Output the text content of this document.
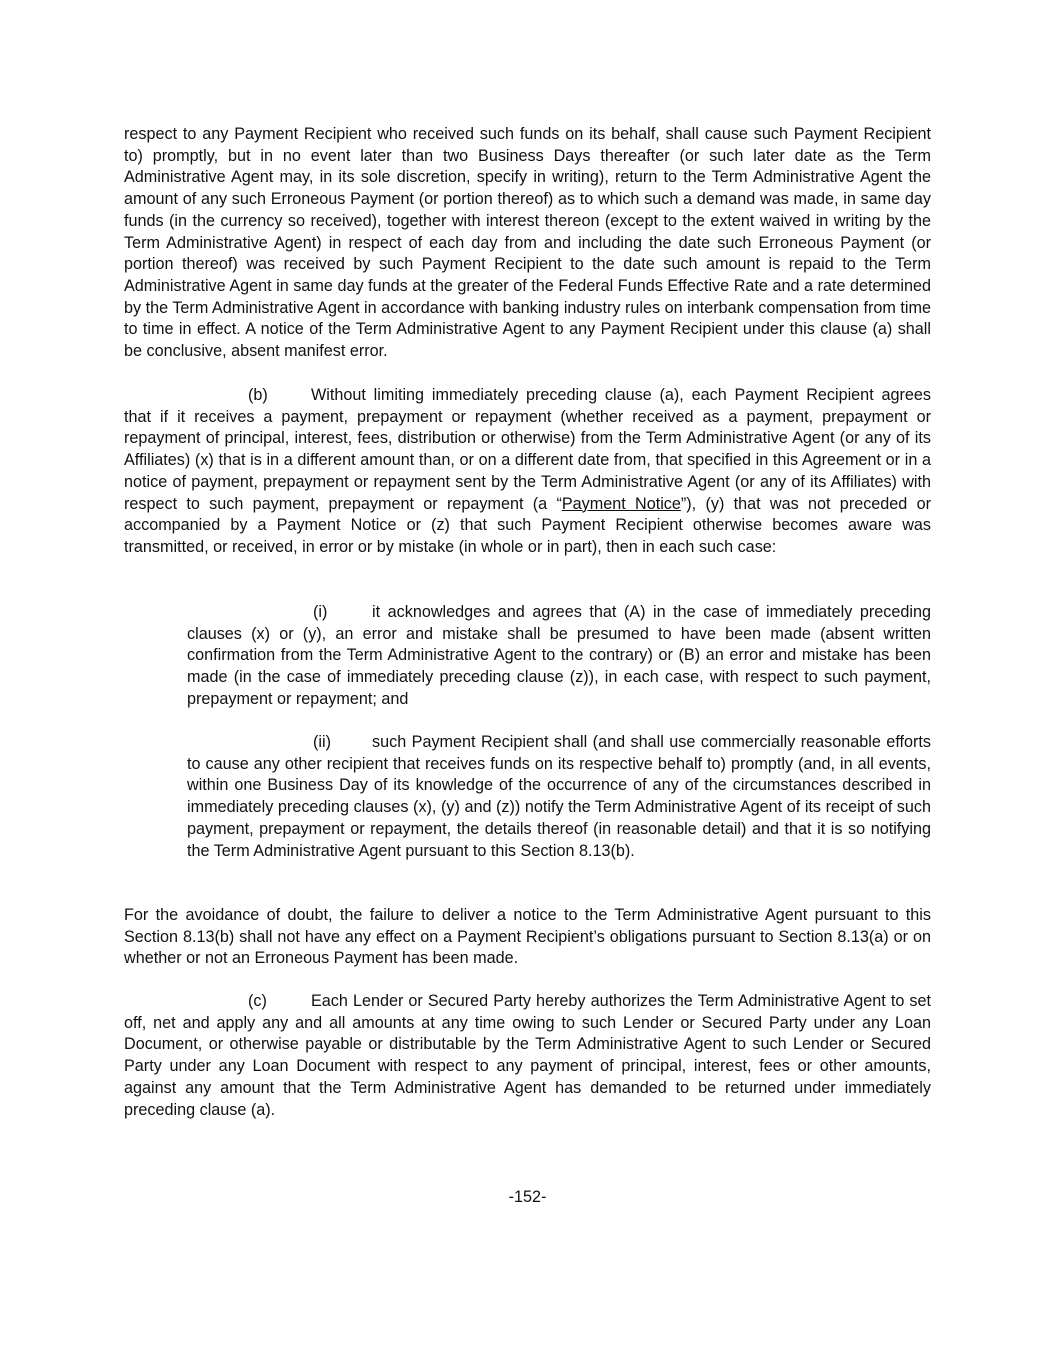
respect to any Payment Recipient who received such funds on its behalf, shall cause such Payment Recipient to) promptly, but in no event later than two Business Days thereafter (or such later date as the Term Administrative Agent may, in its sole discretion, specify in writing), return to the Term Administrative Agent the amount of any such Erroneous Payment (or portion thereof) as to which such a demand was made, in same day funds (in the currency so received), together with interest thereon (except to the extent waived in writing by the Term Administrative Agent) in respect of each day from and including the date such Erroneous Payment (or portion thereof) was received by such Payment Recipient to the date such amount is repaid to the Term Administrative Agent in same day funds at the greater of the Federal Funds Effective Rate and a rate determined by the Term Administrative Agent in accordance with banking industry rules on interbank compensation from time to time in effect. A notice of the Term Administrative Agent to any Payment Recipient under this clause (a) shall be conclusive, absent manifest error.

(b)	Without limiting immediately preceding clause (a), each Payment Recipient agrees that if it receives a payment, prepayment or repayment (whether received as a payment, prepayment or repayment of principal, interest, fees, distribution or otherwise) from the Term Administrative Agent (or any of its Affiliates) (x) that is in a different amount than, or on a different date from, that specified in this Agreement or in a notice of payment, prepayment or repayment sent by the Term Administrative Agent (or any of its Affiliates) with respect to such payment, prepayment or repayment (a “Payment Notice”), (y) that was not preceded or accompanied by a Payment Notice or (z) that such Payment Recipient otherwise becomes aware was transmitted, or received, in error or by mistake (in whole or in part), then in each such case:

(i)	it acknowledges and agrees that (A) in the case of immediately preceding clauses (x) or (y), an error and mistake shall be presumed to have been made (absent written confirmation from the Term Administrative Agent to the contrary) or (B) an error and mistake has been made (in the case of immediately preceding clause (z)), in each case, with respect to such payment, prepayment or repayment; and

(ii)	such Payment Recipient shall (and shall use commercially reasonable efforts to cause any other recipient that receives funds on its respective behalf to) promptly (and, in all events, within one Business Day of its knowledge of the occurrence of any of the circumstances described in immediately preceding clauses (x), (y) and (z)) notify the Term Administrative Agent of its receipt of such payment, prepayment or repayment, the details thereof (in reasonable detail) and that it is so notifying the Term Administrative Agent pursuant to this Section 8.13(b).

For the avoidance of doubt, the failure to deliver a notice to the Term Administrative Agent pursuant to this Section 8.13(b) shall not have any effect on a Payment Recipient’s obligations pursuant to Section 8.13(a) or on whether or not an Erroneous Payment has been made.

(c)	Each Lender or Secured Party hereby authorizes the Term Administrative Agent to set off, net and apply any and all amounts at any time owing to such Lender or Secured Party under any Loan Document, or otherwise payable or distributable by the Term Administrative Agent to such Lender or Secured Party under any Loan Document with respect to any payment of principal, interest, fees or other amounts, against any amount that the Term Administrative Agent has demanded to be returned under immediately preceding clause (a).

-152-
